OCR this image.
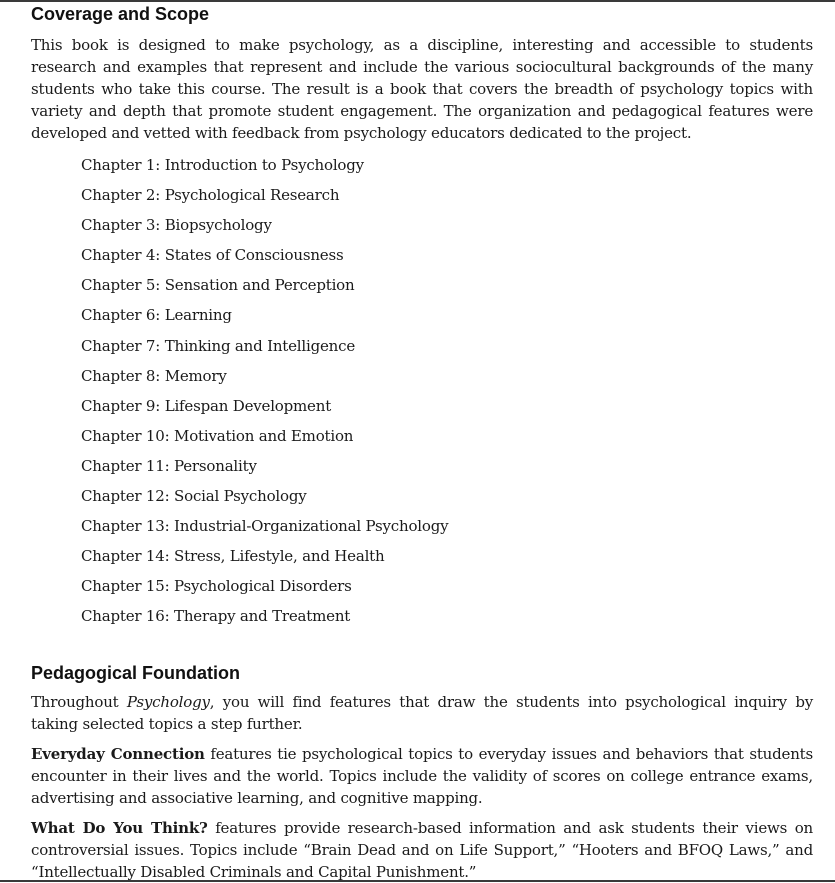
Coverage and Scope

This book is designed to make psychology, as a discipline, interesting and accessible to students research and examples that represent and include the various sociocultural backgrounds of the many students who take this course. The result is a book that covers the breadth of psychology topics with variety and depth that promote student engagement. The organization and pedagogical features were developed and vetted with feedback from psychology educators dedicated to the project.

Chapter 1: Introduction to Psychology
Chapter 2: Psychological Research
Chapter 3: Biopsychology
Chapter 4: States of Consciousness
Chapter 5: Sensation and Perception
Chapter 6: Learning
Chapter 7: Thinking and Intelligence
Chapter 8: Memory
Chapter 9: Lifespan Development
Chapter 10: Motivation and Emotion
Chapter 11: Personality
Chapter 12: Social Psychology
Chapter 13: Industrial-Organizational Psychology
Chapter 14: Stress, Lifestyle, and Health
Chapter 15: Psychological Disorders
Chapter 16: Therapy and Treatment
Pedagogical Foundation

Throughout Psychology, you will find features that draw the students into psychological inquiry by taking selected topics a step further.

Everyday Connection features tie psychological topics to everyday issues and behaviors that students encounter in their lives and the world. Topics include the validity of scores on college entrance exams, advertising and associative learning, and cognitive mapping.

What Do You Think? features provide research-based information and ask students their views on controversial issues. Topics include “Brain Dead and on Life Support,” “Hooters and BFOQ Laws,” and “Intellectually Disabled Criminals and Capital Punishment.”
